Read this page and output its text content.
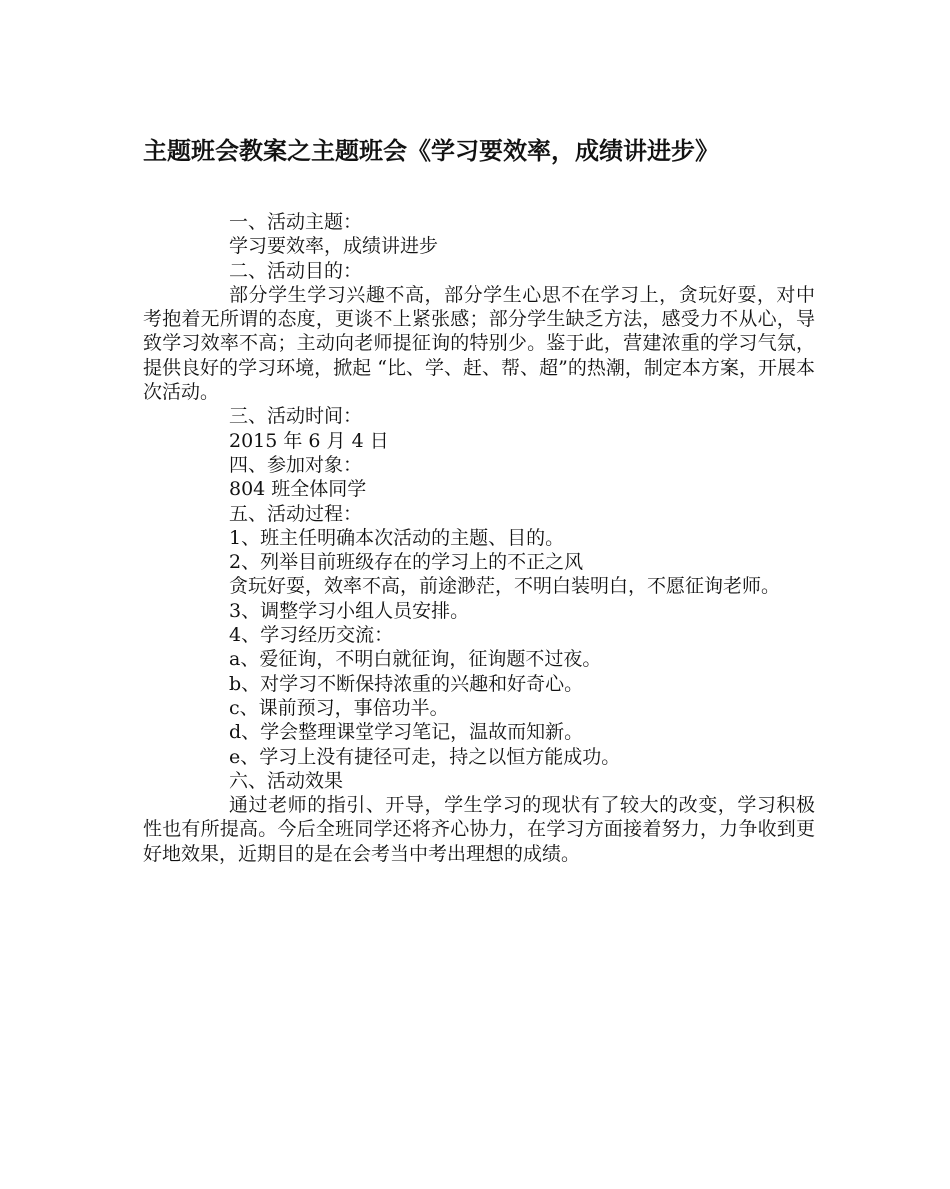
主题班会教案之主题班会《学习要效率，成绩讲进步》

一、活动主题：

学习要效率，成绩讲进步

二、活动目的：

部分学生学习兴趣不高，部分学生心思不在学习上，贪玩好耍，对中考抱着无所谓的态度，更谈不上紧张感；部分学生缺乏方法，感受力不从心，导致学习效率不高；主动向老师提征询的特别少。鉴于此，营建浓重的学习气氛，提供良好的学习环境，掀起 “比、学、赶、帮、超”的热潮，制定本方案，开展本次活动。

三、活动时间：

2015 年 6 月 4 日

四、参加对象：

804 班全体同学

五、活动过程：

1、班主任明确本次活动的主题、目的。

2、列举目前班级存在的学习上的不正之风

贪玩好耍，效率不高，前途渺茫，不明白装明白，不愿征询老师。

3、调整学习小组人员安排。

4、学习经历交流：

a、爱征询，不明白就征询，征询题不过夜。

b、对学习不断保持浓重的兴趣和好奇心。

c、课前预习，事倍功半。

d、学会整理课堂学习笔记，温故而知新。

e、学习上没有捷径可走，持之以恒方能成功。

六、活动效果

通过老师的指引、开导，学生学习的现状有了较大的改变，学习积极性也有所提高。今后全班同学还将齐心协力，在学习方面接着努力，力争收到更好地效果，近期目的是在会考当中考出理想的成绩。
